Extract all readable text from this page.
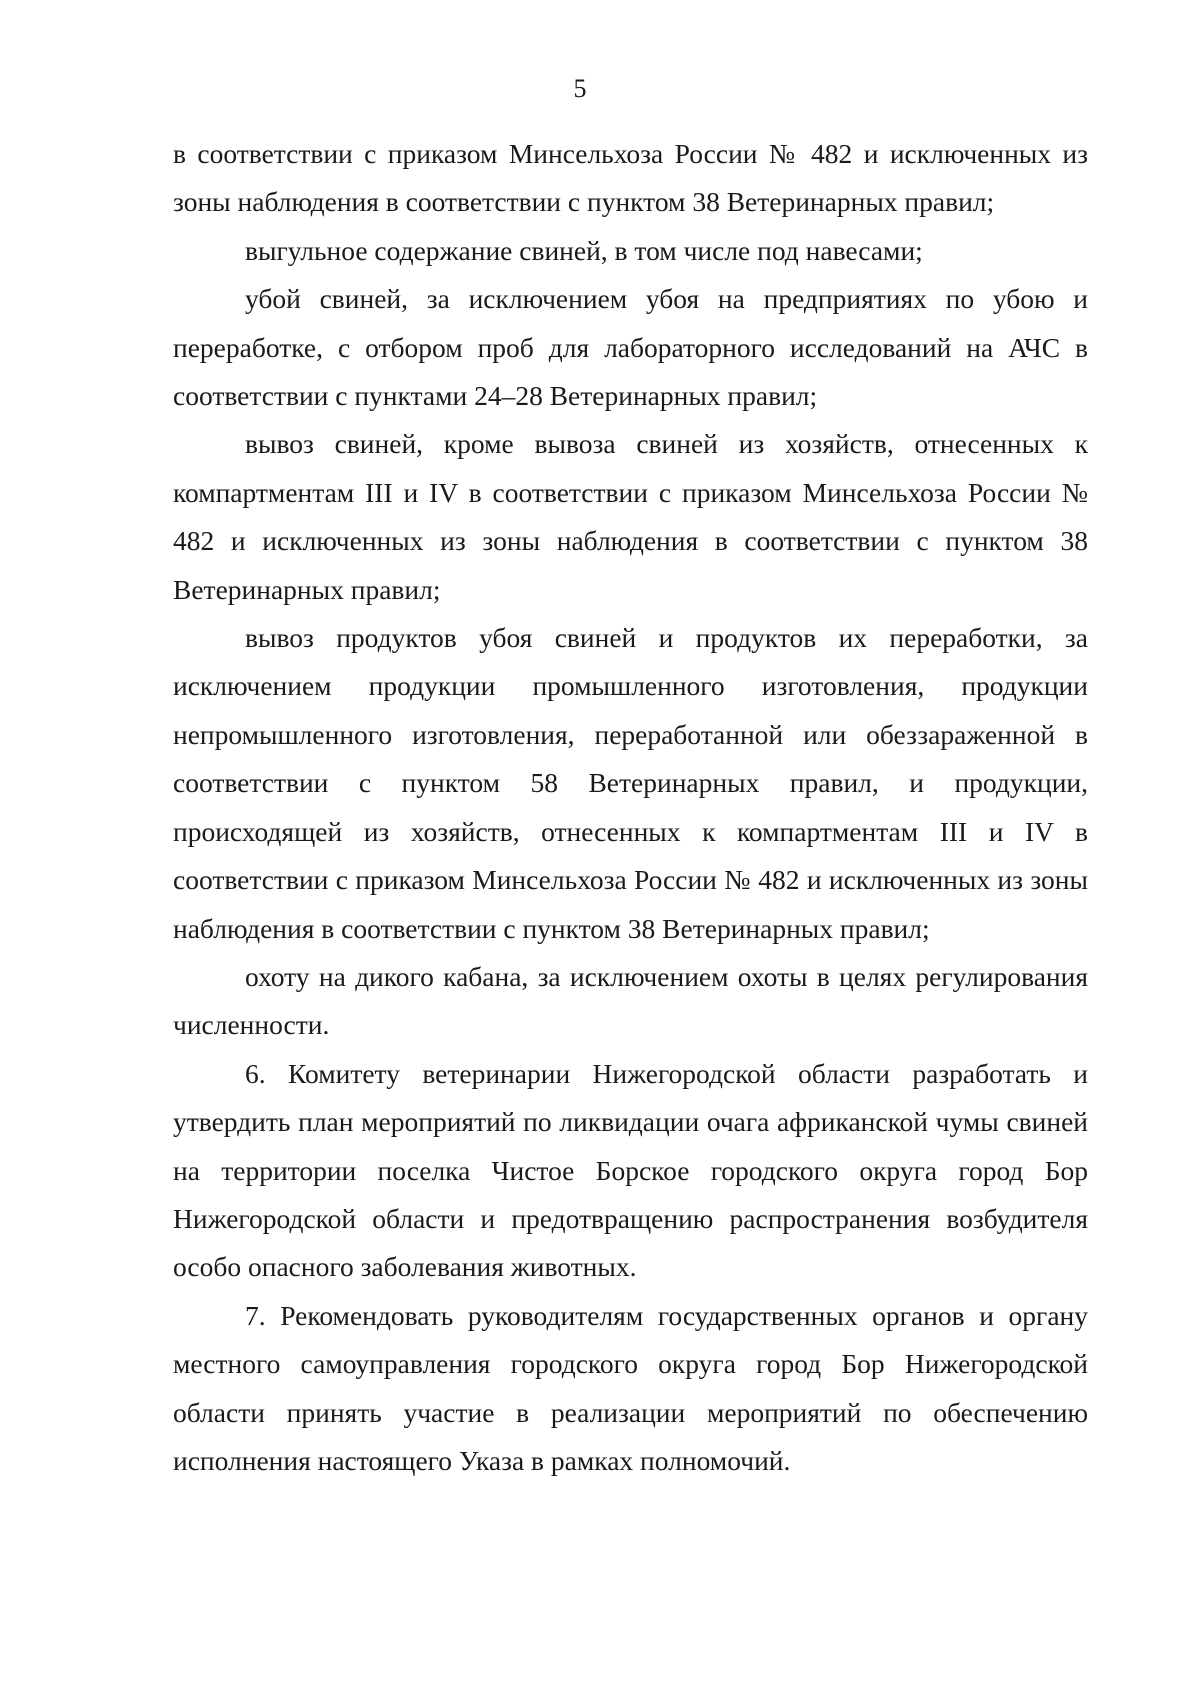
5

в соответствии с приказом Минсельхоза России № 482 и исключенных из зоны наблюдения в соответствии с пунктом 38 Ветеринарных правил;

выгульное содержание свиней, в том числе под навесами;

убой свиней, за исключением убоя на предприятиях по убою и переработке, с отбором проб для лабораторного исследований на АЧС в соответствии с пунктами 24–28 Ветеринарных правил;

вывоз свиней, кроме вывоза свиней из хозяйств, отнесенных к компартментам III и IV в соответствии с приказом Минсельхоза России № 482 и исключенных из зоны наблюдения в соответствии с пунктом 38 Ветеринарных правил;

вывоз продуктов убоя свиней и продуктов их переработки, за исключением продукции промышленного изготовления, продукции непромышленного изготовления, переработанной или обеззараженной в соответствии с пунктом 58 Ветеринарных правил, и продукции, происходящей из хозяйств, отнесенных к компартментам III и IV в соответствии с приказом Минсельхоза России № 482 и исключенных из зоны наблюдения в соответствии с пунктом 38 Ветеринарных правил;

охоту на дикого кабана, за исключением охоты в целях регулирования численности.

6. Комитету ветеринарии Нижегородской области разработать и утвердить план мероприятий по ликвидации очага африканской чумы свиней на территории поселка Чистое Борское городского округа город Бор Нижегородской области и предотвращению распространения возбудителя особо опасного заболевания животных.

7. Рекомендовать руководителям государственных органов и органу местного самоуправления городского округа город Бор Нижегородской области принять участие в реализации мероприятий по обеспечению исполнения настоящего Указа в рамках полномочий.
